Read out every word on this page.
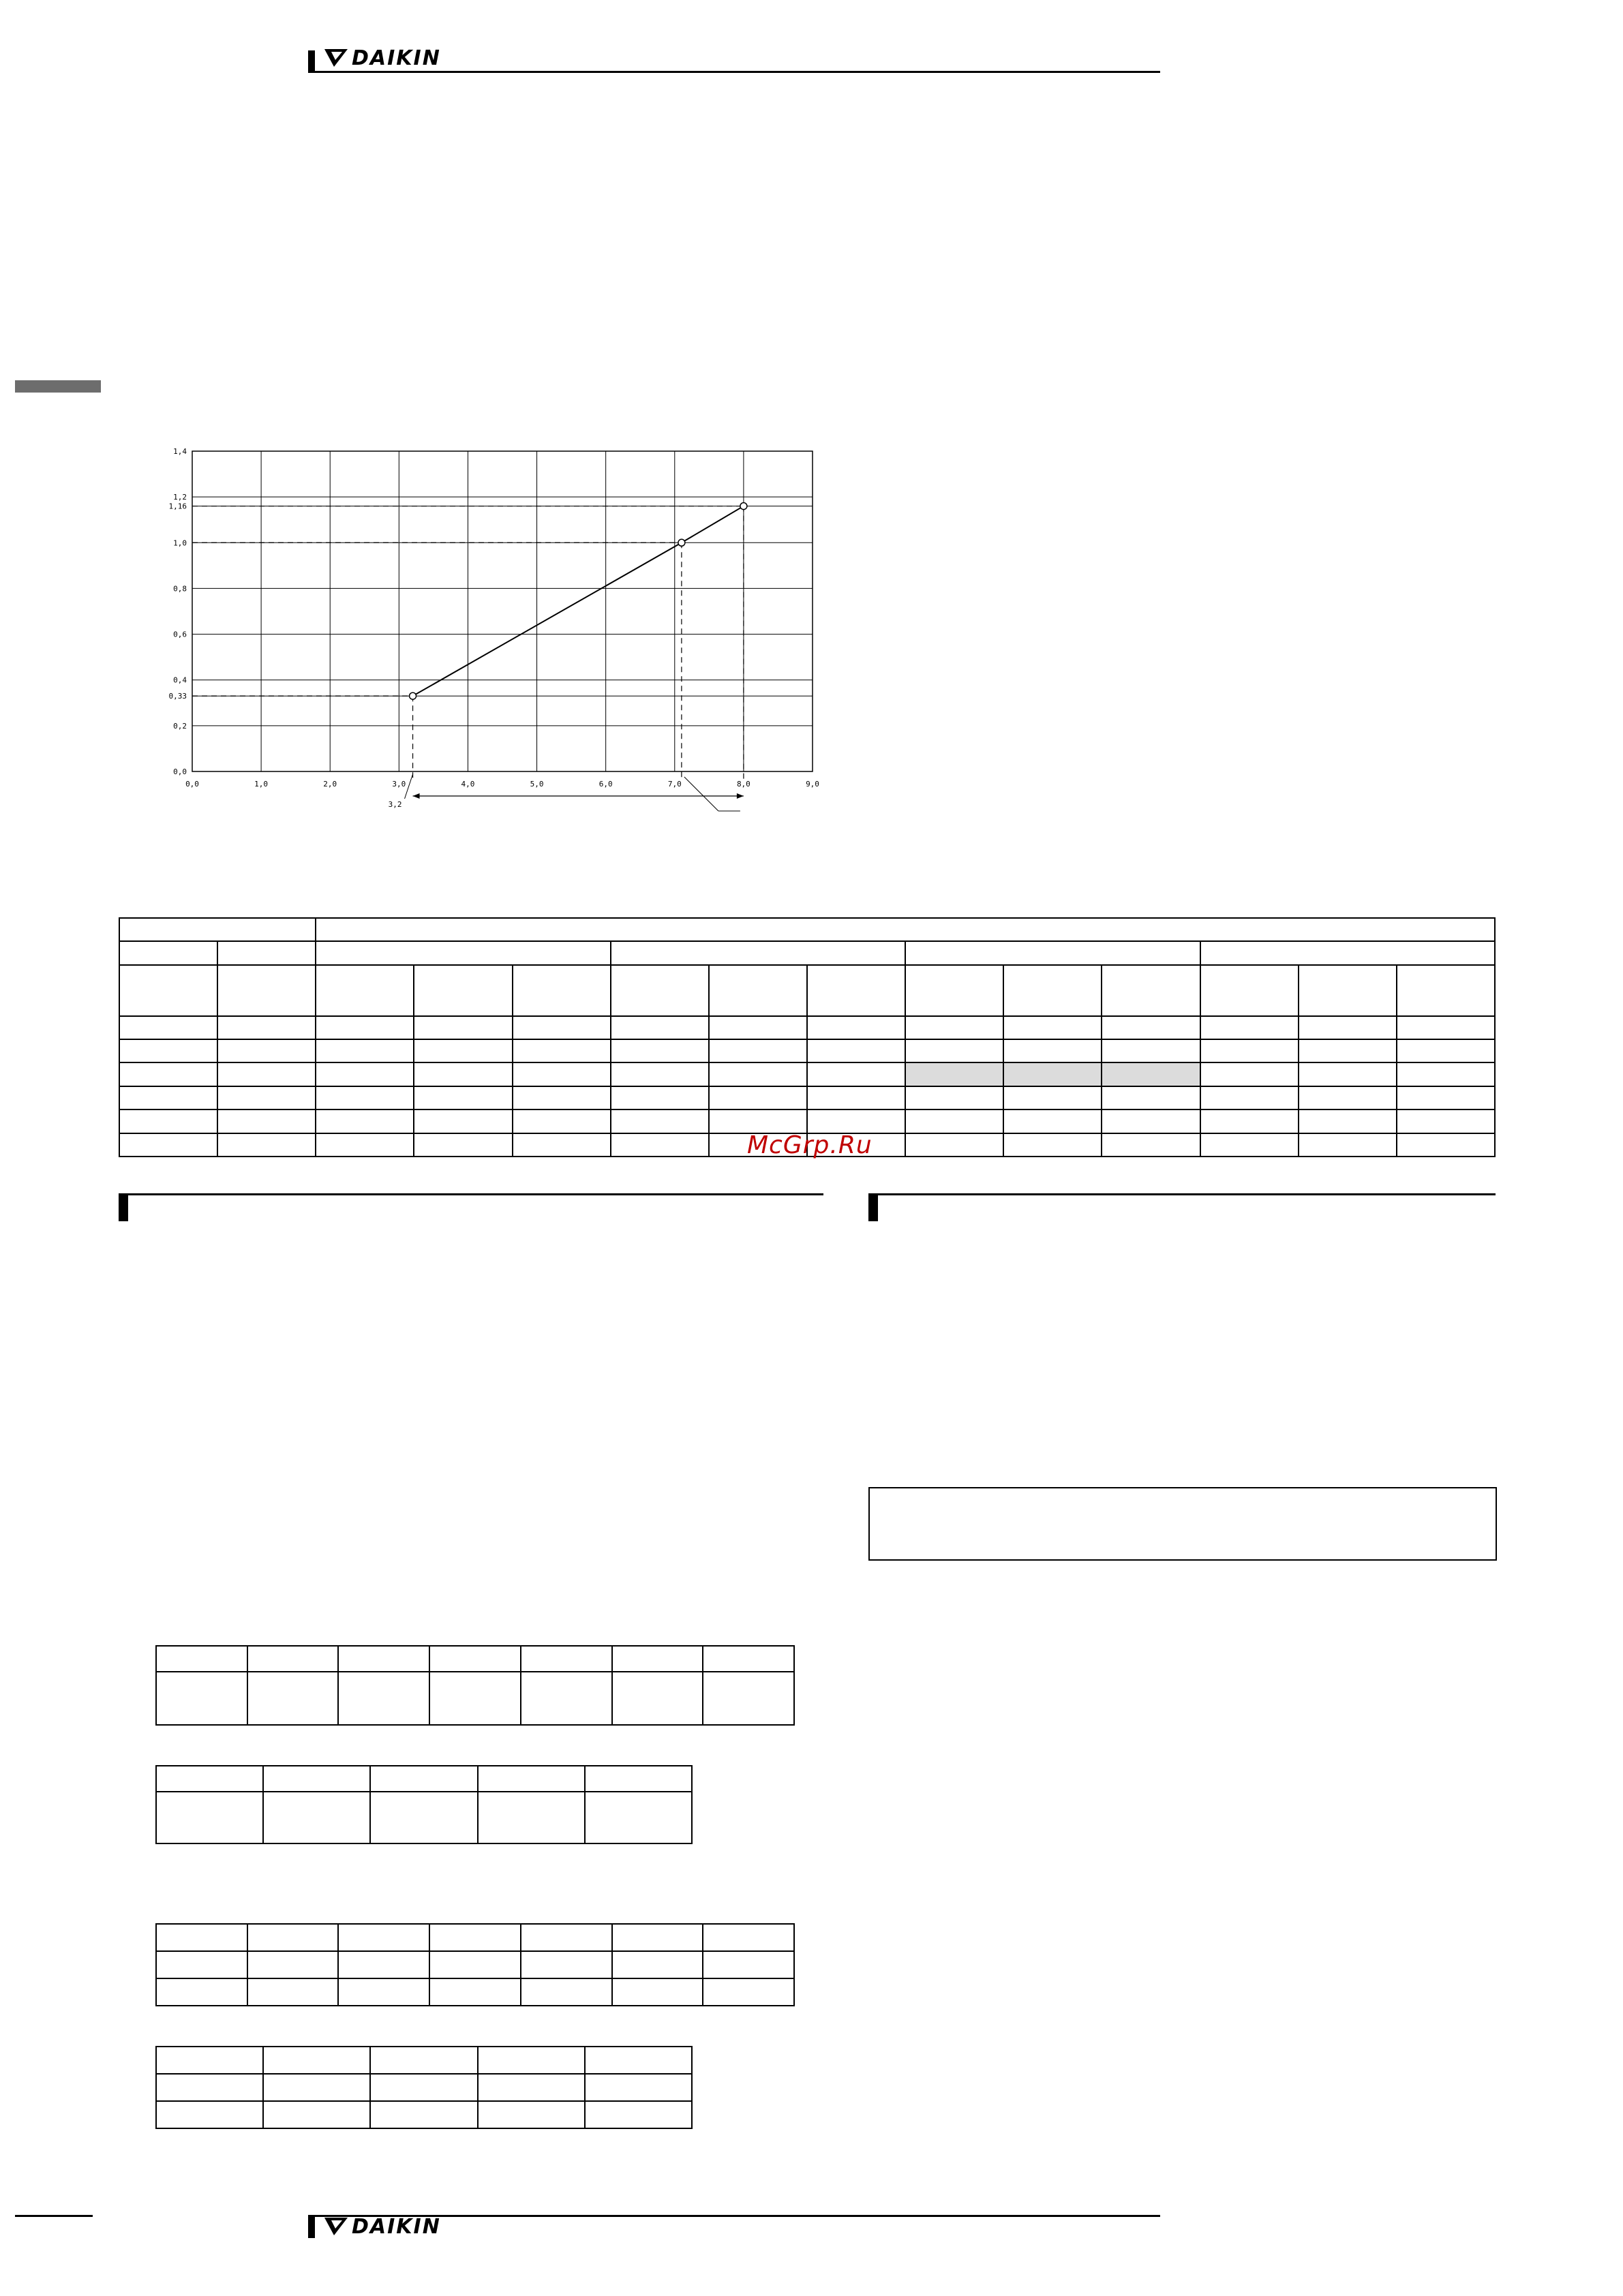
DAIKIN
0,0	1,0	2,0	3,0	4,0	5,0	6,0	7,0	8,0	9,0
0,0
0,2
0,33
0,4
0,6
0,8
1,0
1,16
1,2
1,4
3,2

McGrp.Ru

DAIKIN
